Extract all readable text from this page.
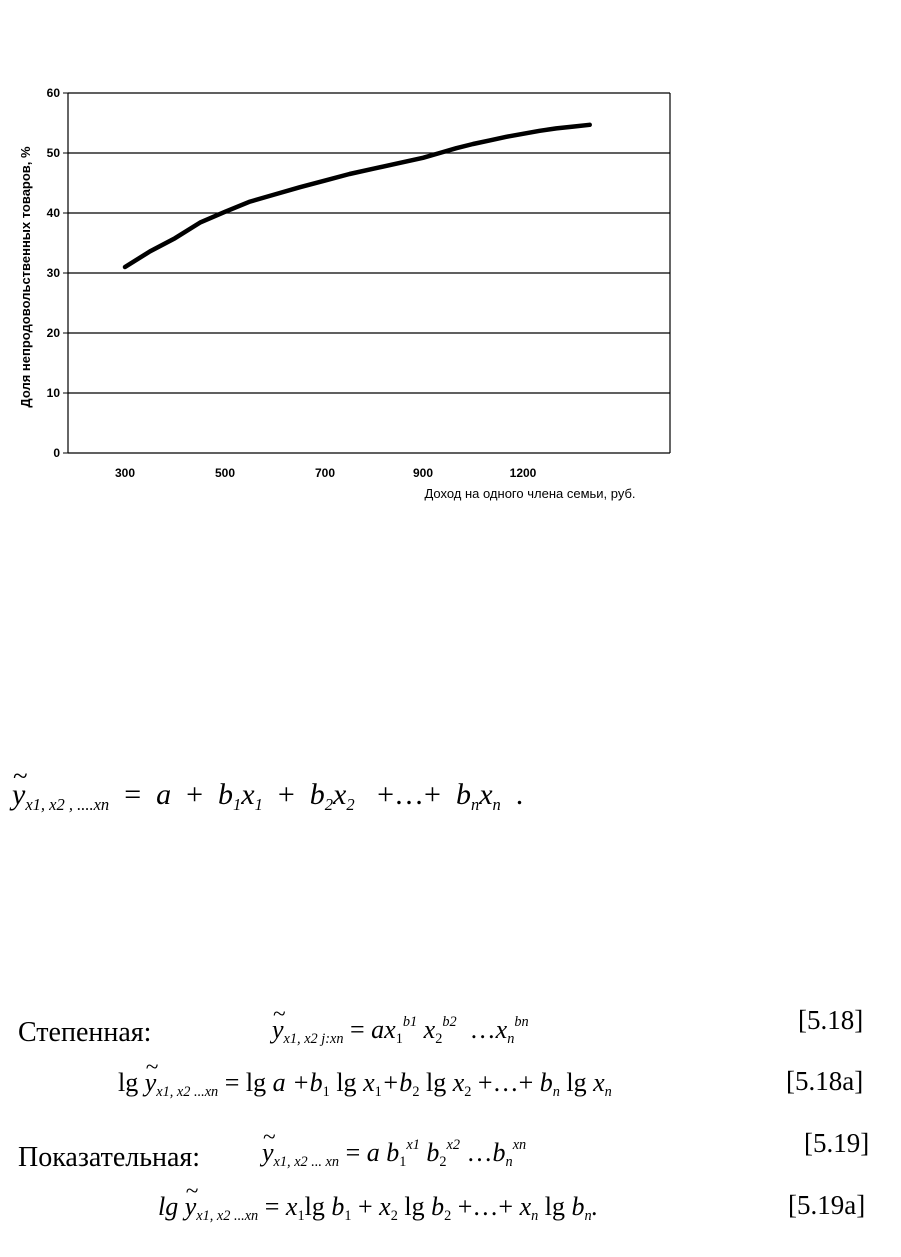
0
10
20
30
40
50
60
300	500	700	900	1200
Доля непродовольственных товаров, %
Доход на одного члена семьи, руб.
~ $y_{x1, x2 , ....xn} = a + b_1x_1 + b_2x_2$ +…+ $b_nx_n$ .
Степенная:	~ $y_{x1, x2 j:xn} = ax_1^{b1}$ $x_2^{b2}$  $\dots x_n^{bn}$	[5.18]
lg ~ $y_{x1, x2 ...xn} = \lg a +b_1$ $\lg x_1+b_2$ $\lg x_2$ +…+ $b_n$ $\lg x_n$	[5.18a]
Показательная: ~ $y_{x1, x2 ... xn} = a$ $b_1^{x1}$ $b_2^{x2}$ $\dots b_n^{xn}$	[5.19]
lg ~ $y_{x1, x2 ...xn} = x_1\lg$ $b_1 + x_2$ $\lg b_2$ +…+ $x_n$ $\lg b_n$.	[5.19a]
